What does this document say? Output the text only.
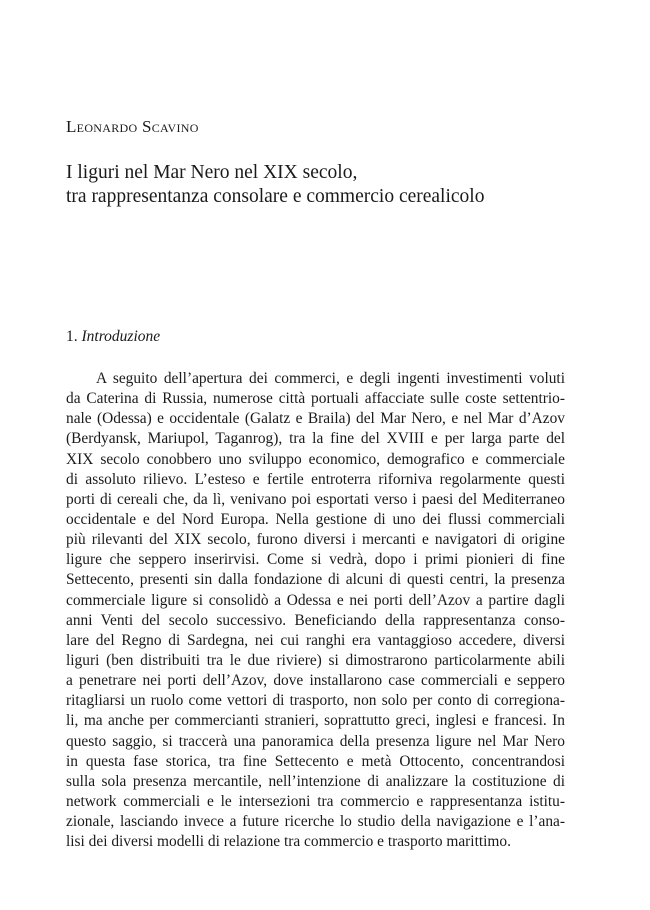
Leonardo Scavino
I liguri nel Mar Nero nel XIX secolo,
tra rappresentanza consolare e commercio cerealicolo
1. Introduzione
A seguito dell’apertura dei commerci, e degli ingenti investimenti voluti
da Caterina di Russia, numerose città portuali affacciate sulle coste settentrio-
nale (Odessa) e occidentale (Galatz e Braila) del Mar Nero, e nel Mar d’Azov
(Berdyansk, Mariupol, Taganrog), tra la fine del XVIII e per larga parte del
XIX secolo conobbero uno sviluppo economico, demografico e commerciale
di assoluto rilievo. L’esteso e fertile entroterra riforniva regolarmente questi
porti di cereali che, da lì, venivano poi esportati verso i paesi del Mediterraneo
occidentale e del Nord Europa. Nella gestione di uno dei flussi commerciali
più rilevanti del XIX secolo, furono diversi i mercanti e navigatori di origine
ligure che seppero inserirvisi. Come si vedrà, dopo i primi pionieri di fine
Settecento, presenti sin dalla fondazione di alcuni di questi centri, la presenza
commerciale ligure si consolidò a Odessa e nei porti dell’Azov a partire dagli
anni Venti del secolo successivo. Beneficiando della rappresentanza conso-
lare del Regno di Sardegna, nei cui ranghi era vantaggioso accedere, diversi
liguri (ben distribuiti tra le due riviere) si dimostrarono particolarmente abili
a penetrare nei porti dell’Azov, dove installarono case commerciali e seppero
ritagliarsi un ruolo come vettori di trasporto, non solo per conto di corregiona-
li, ma anche per commercianti stranieri, soprattutto greci, inglesi e francesi. In
questo saggio, si traccerà una panoramica della presenza ligure nel Mar Nero
in questa fase storica, tra fine Settecento e metà Ottocento, concentrandosi
sulla sola presenza mercantile, nell’intenzione di analizzare la costituzione di
network commerciali e le intersezioni tra commercio e rappresentanza istitu-
zionale, lasciando invece a future ricerche lo studio della navigazione e l’ana-
lisi dei diversi modelli di relazione tra commercio e trasporto marittimo.
